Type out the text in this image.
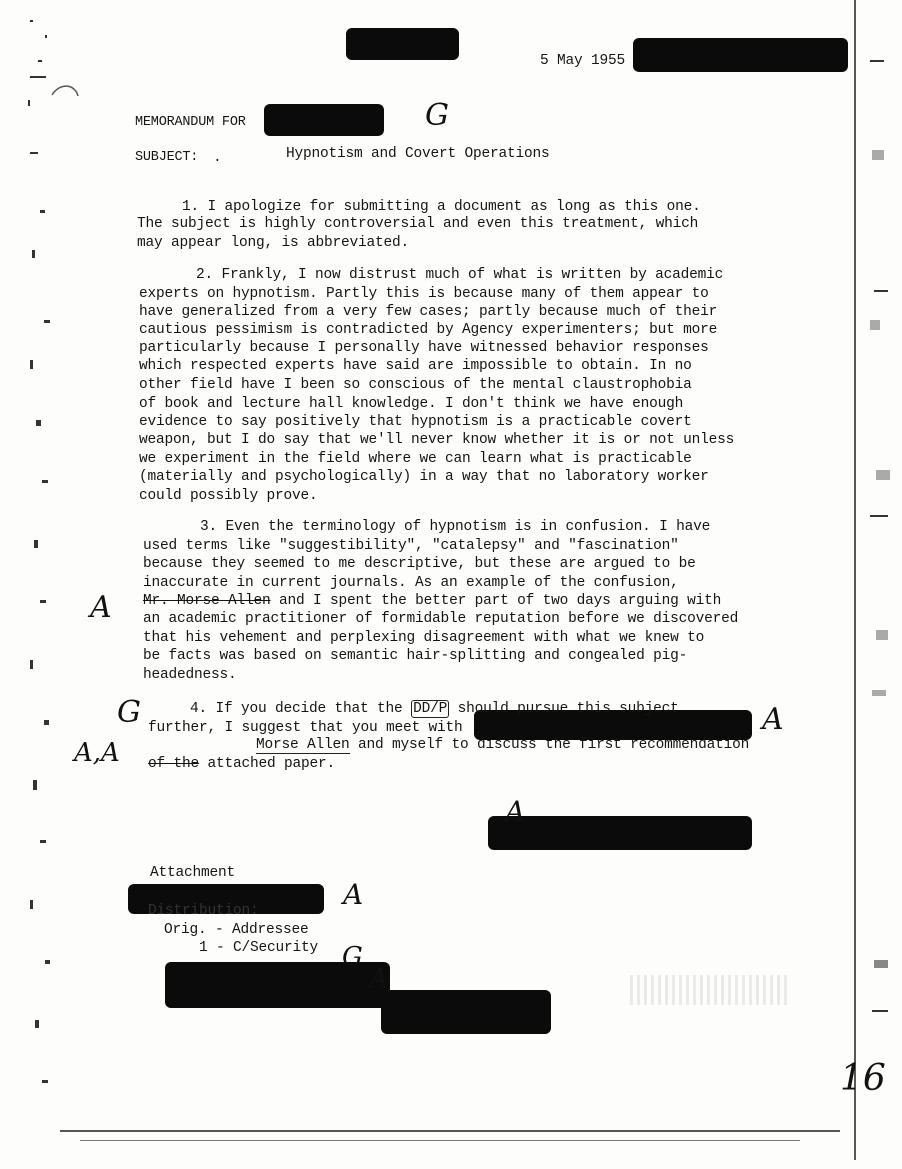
5 May 1955
MEMORANDUM FOR
SUBJECT: .	Hypnotism and Covert Operations
1. I apologize for submitting a document as long as this one.
The subject is highly controversial and even this treatment, which
may appear long, is abbreviated.
2. Frankly, I now distrust much of what is written by academic
experts on hypnotism. Partly this is because many of them appear to
have generalized from a very few cases; partly because much of their
cautious pessimism is contradicted by Agency experimenters; but more
particularly because I personally have witnessed behavior responses
which respected experts have said are impossible to obtain. In no
other field have I been so conscious of the mental claustrophobia
of book and lecture hall knowledge. I don't think we have enough
evidence to say positively that hypnotism is a practicable covert
weapon, but I do say that we'll never know whether it is or not unless
we experiment in the field where we can learn what is practicable
(materially and psychologically) in a way that no laboratory worker
could possibly prove.
3. Even the terminology of hypnotism is in confusion. I have
used terms like "suggestibility", "catalepsy" and "fascination"
because they seemed to me descriptive, but these are argued to be
inaccurate in current journals. As an example of the confusion,
Mr. Morse Allen and I spent the better part of two days arguing with
an academic practitioner of formidable reputation before we discovered
that his vehement and perplexing disagreement with what we knew to
be facts was based on semantic hair-splitting and congealed pig-
headedness.
4. If you decide that the DD/P should pursue this subject
further, I suggest that you meet with
Morse Allen and myself to discuss the first recommendation
of the attached paper.
Attachment
Distribution:
Orig. - Addressee
1 - C/Security
G
A
G	A
A,A
A
A
G
A
16
